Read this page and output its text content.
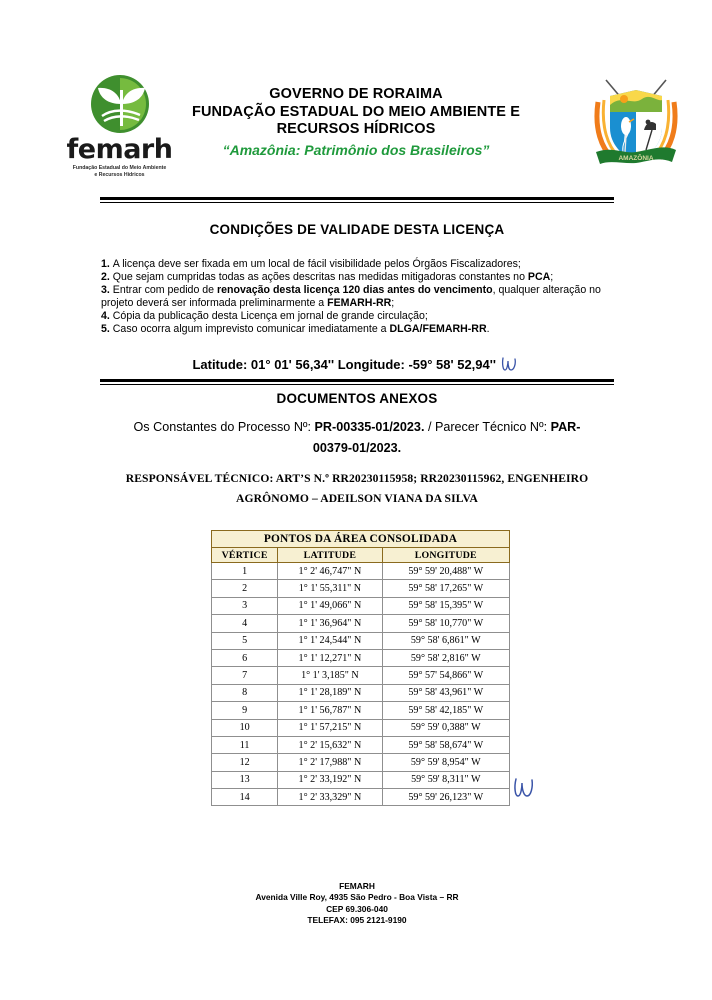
femarh
Fundação Estadual do Meio Ambiente
e Recursos Hídricos
GOVERNO DE RORAIMA
FUNDAÇÃO ESTADUAL DO MEIO AMBIENTE E
RECURSOS HÍDRICOS
“Amazônia: Patrimônio dos Brasileiros”
AMAZÔNIA
CONDIÇÕES DE VALIDADE DESTA LICENÇA
1. A licença deve ser fixada em um local de fácil visibilidade pelos Órgãos Fiscalizadores;
2. Que sejam cumpridas todas as ações descritas nas medidas mitigadoras constantes no PCA;
3. Entrar com pedido de renovação desta licença 120 dias antes do vencimento, qualquer alteração no projeto deverá ser informada preliminarmente a FEMARH-RR;
4. Cópia da publicação desta Licença em jornal de grande circulação;
5. Caso ocorra algum imprevisto comunicar imediatamente a DLGA/FEMARH-RR.
Latitude: 01° 01' 56,34'' Longitude: -59° 58' 52,94''
DOCUMENTOS ANEXOS
Os Constantes do Processo Nº: PR-00335-01/2023. / Parecer Técnico Nº: PAR-00379-01/2023.
RESPONSÁVEL TÉCNICO: ART’S N.º RR20230115958; RR20230115962, ENGENHEIRO
AGRÔNOMO – ADEILSON VIANA DA SILVA
PONTOS DA ÁREA CONSOLIDADA		
VÉRTICE	LATITUDE	LONGITUDE
1	1° 2' 46,747" N	59° 59' 20,488" W
2	1° 1' 55,311" N	59° 58' 17,265" W
3	1° 1' 49,066" N	59° 58' 15,395" W
4	1° 1' 36,964" N	59° 58' 10,770" W
5	1° 1' 24,544" N	59° 58' 6,861" W
6	1° 1' 12,271" N	59° 58' 2,816" W
7	1° 1' 3,185" N	59° 57' 54,866" W
8	1° 1' 28,189" N	59° 58' 43,961" W
9	1° 1' 56,787" N	59° 58' 42,185" W
10	1° 1' 57,215" N	59° 59' 0,388" W
11	1° 2' 15,632" N	59° 58' 58,674" W
12	1° 2' 17,988" N	59° 59' 8,954" W
13	1° 2' 33,192" N	59° 59' 8,311" W
14	1° 2' 33,329" N	59° 59' 26,123" W
FEMARH
Avenida Ville Roy, 4935 São Pedro - Boa Vista – RR
CEP 69.306-040
TELEFAX: 095 2121-9190
